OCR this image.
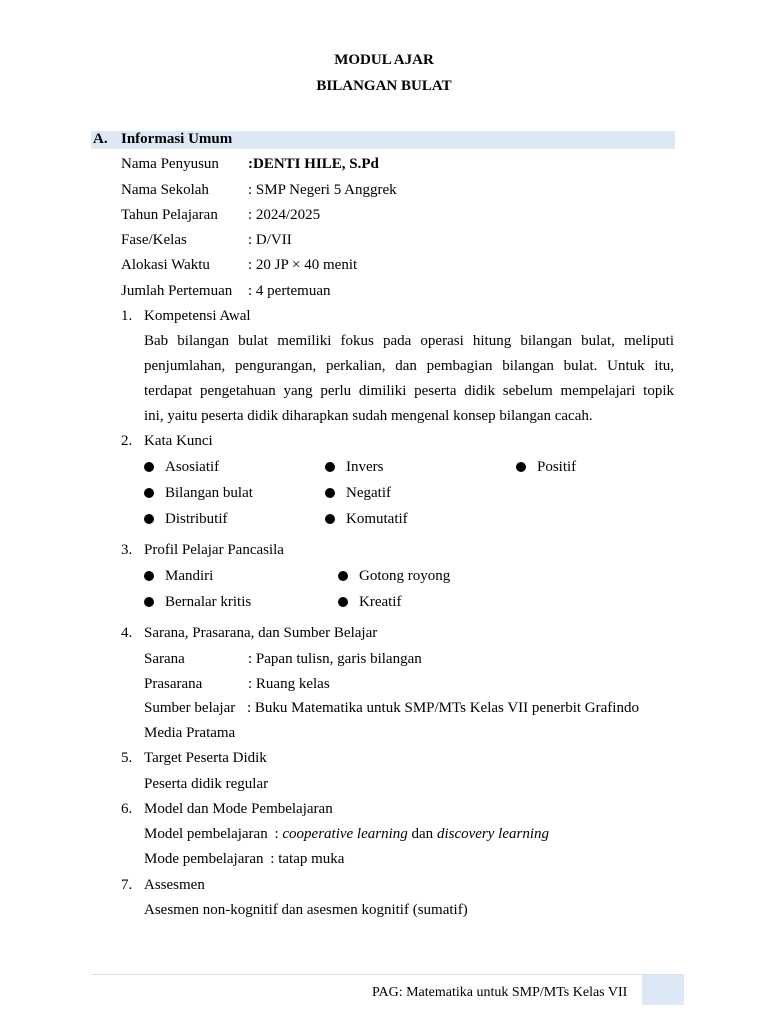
MODUL AJAR
BILANGAN BULAT
A. Informasi Umum
Nama Penyusun :DENTI HILE, S.Pd
Nama Sekolah	: SMP Negeri 5 Anggrek
Tahun Pelajaran : 2024/2025
Fase/Kelas	: D/VII
Alokasi Waktu	: 20 JP × 40 menit
Jumlah Pertemuan : 4 pertemuan
1. Kompetensi Awal
Bab bilangan bulat memiliki fokus pada operasi hitung bilangan bulat, meliputi
penjumlahan, pengurangan, perkalian, dan pembagian bilangan bulat. Untuk itu,
terdapat pengetahuan yang perlu dimiliki peserta didik sebelum mempelajari topik
ini, yaitu peserta didik diharapkan sudah mengenal konsep bilangan cacah.
2. Kata Kunci
Asosiatif	Invers	Positif
Bilangan bulat	Negatif
Distributif	Komutatif
3. Profil Pelajar Pancasila
Mandiri	Gotong royong
Bernalar kritis	Kreatif
4. Sarana, Prasarana, dan Sumber Belajar
Sarana	: Papan tulisn, garis bilangan
Prasarana	: Ruang kelas
Sumber belajar : Buku Matematika untuk SMP/MTs Kelas VII penerbit Grafindo
Media Pratama
5. Target Peserta Didik
Peserta didik regular
6. Model dan Mode Pembelajaran
Model pembelajaran : cooperative learning dan discovery learning
Mode pembelajaran : tatap muka
7. Assesmen
Asesmen non-kognitif dan asesmen kognitif (sumatif)
PAG: Matematika untuk SMP/MTs Kelas VII
